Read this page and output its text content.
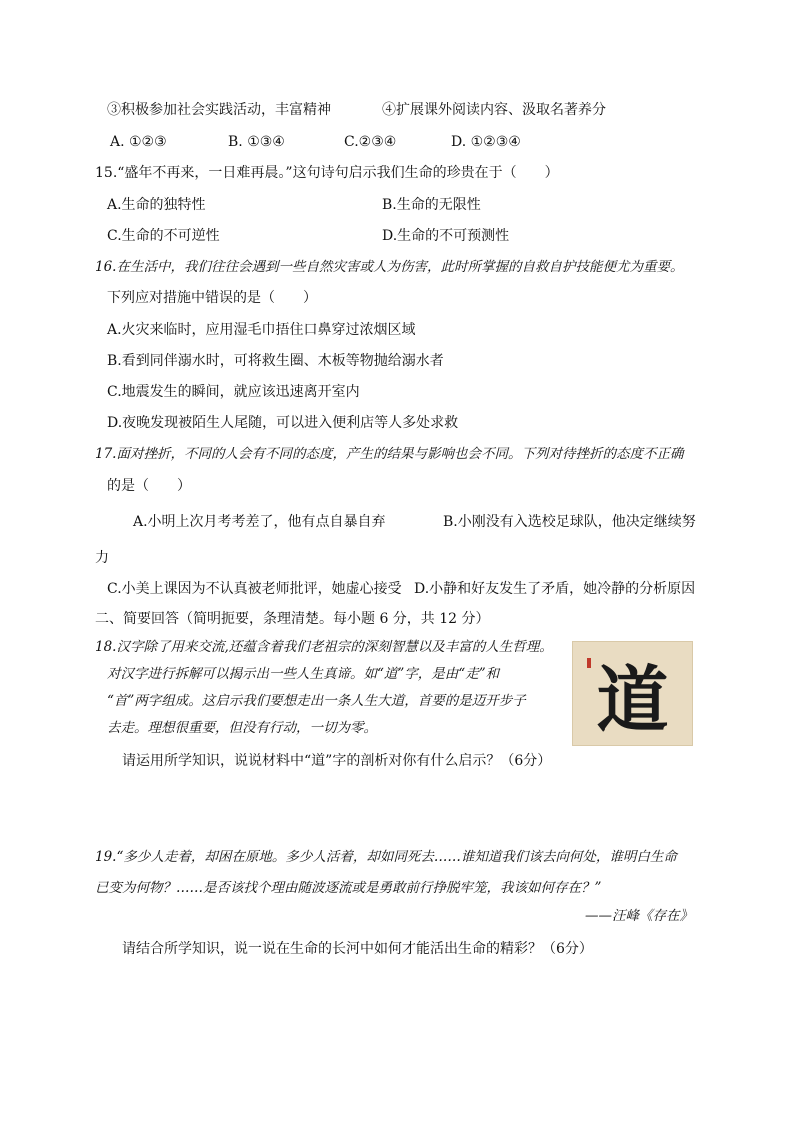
③积极参加社会实践活动，丰富精神	④扩展课外阅读内容、汲取名著养分
A. ①②③	B. ①③④	C.②③④	D. ①②③④
15.“盛年不再来，一日难再晨。”这句诗句启示我们生命的珍贵在于（　　）
A.生命的独特性	B.生命的无限性
C.生命的不可逆性	D.生命的不可预测性
16.在生活中，我们往往会遇到一些自然灾害或人为伤害，此时所掌握的自救自护技能便尤为重要。
下列应对措施中错误的是（　　）
A.火灾来临时，应用湿毛巾捂住口鼻穿过浓烟区域
B.看到同伴溺水时，可将救生圈、木板等物抛给溺水者
C.地震发生的瞬间，就应该迅速离开室内
D.夜晚发现被陌生人尾随，可以进入便利店等人多处求救
17.面对挫折，不同的人会有不同的态度，产生的结果与影响也会不同。下列对待挫折的态度不正确
的是（　　）
A.小明上次月考考差了，他有点自暴自弃	B.小刚没有入选校足球队，他决定继续努
力
C.小美上课因为不认真被老师批评，她虚心接受 D.小静和好友发生了矛盾，她冷静的分析原因
二、简要回答（简明扼要，条理清楚。每小题 6 分，共 12 分）
18.汉字除了用来交流,还蕴含着我们老祖宗的深刻智慧以及丰富的人生哲理。
对汉字进行拆解可以揭示出一些人生真谛。如“道”字，是由“走”和
“首”两字组成。这启示我们要想走出一条人生大道，首要的是迈开步子
去走。理想很重要，但没有行动，一切为零。	道
请运用所学知识，说说材料中“道”字的剖析对你有什么启示？（6分）
19.“多少人走着，却困在原地。多少人活着，却如同死去……谁知道我们该去向何处，谁明白生命
已变为何物？……是否该找个理由随波逐流或是勇敢前行挣脱牢笼，我该如何存在？”
——汪峰《存在》
请结合所学知识，说一说在生命的长河中如何才能活出生命的精彩？（6分）
